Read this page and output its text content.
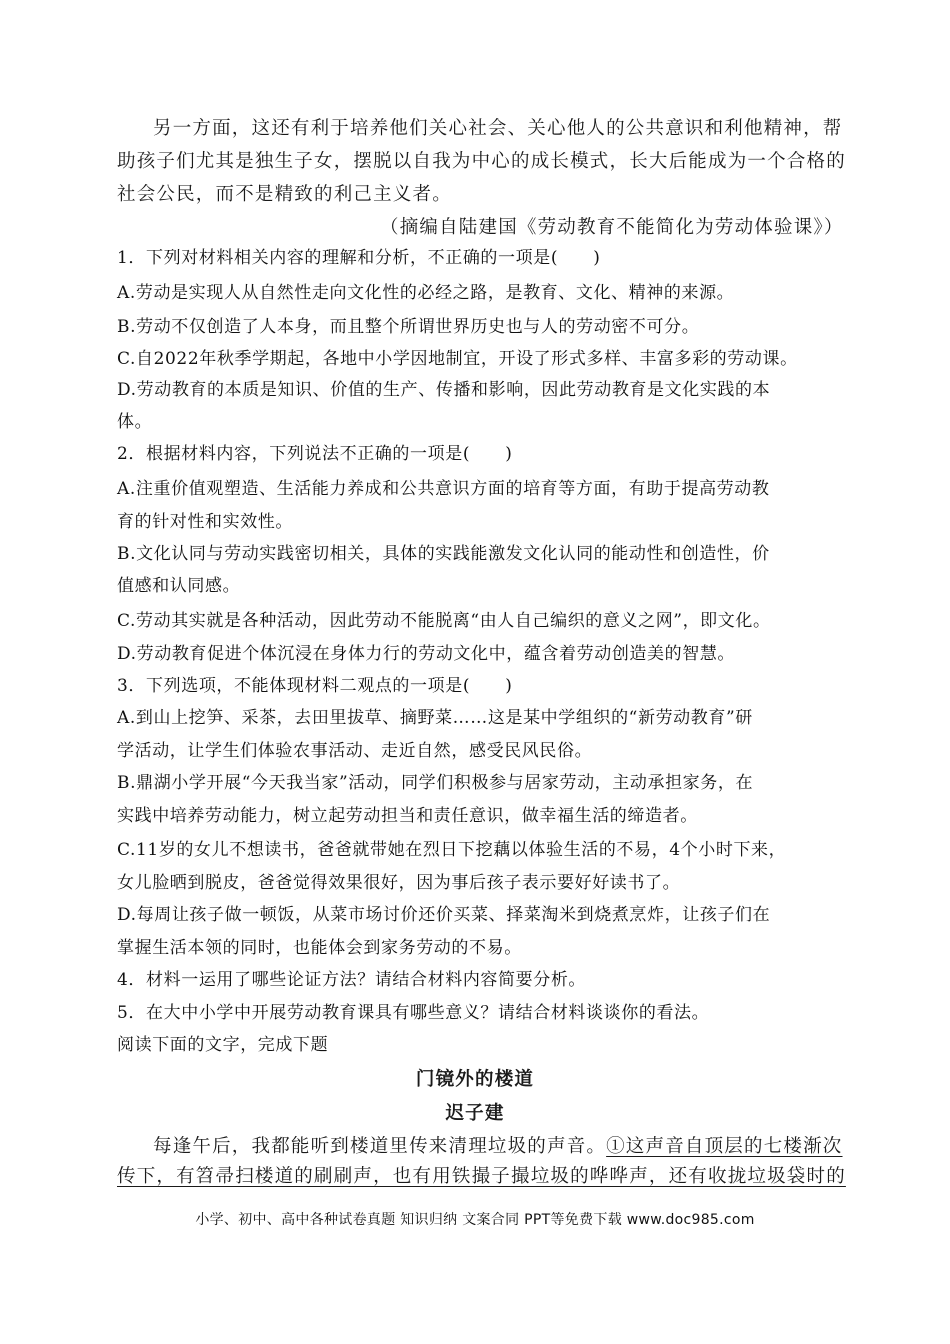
另一方面，这还有利于培养他们关心社会、关心他人的公共意识和利他精神，帮
助孩子们尤其是独生子女，摆脱以自我为中心的成长模式，长大后能成为一个合格的
社会公民，而不是精致的利己主义者。
（摘编自陆建国《劳动教育不能简化为劳动体验课》）
1．下列对材料相关内容的理解和分析，不正确的一项是(　　)
A.劳动是实现人从自然性走向文化性的必经之路，是教育、文化、精神的来源。
B.劳动不仅创造了人本身，而且整个所谓世界历史也与人的劳动密不可分。
C.自2022年秋季学期起，各地中小学因地制宜，开设了形式多样、丰富多彩的劳动课。
D.劳动教育的本质是知识、价值的生产、传播和影响，因此劳动教育是文化实践的本
体。
2．根据材料内容，下列说法不正确的一项是(　　)
A.注重价值观塑造、生活能力养成和公共意识方面的培育等方面，有助于提高劳动教
育的针对性和实效性。
B.文化认同与劳动实践密切相关，具体的实践能激发文化认同的能动性和创造性，价
值感和认同感。
C.劳动其实就是各种活动，因此劳动不能脱离“由人自己编织的意义之网”，即文化。
D.劳动教育促进个体沉浸在身体力行的劳动文化中，蕴含着劳动创造美的智慧。
3．下列选项，不能体现材料二观点的一项是(　　)
A.到山上挖笋、采茶，去田里拔草、摘野菜……这是某中学组织的“新劳动教育”研
学活动，让学生们体验农事活动、走近自然，感受民风民俗。
B.鼎湖小学开展“今天我当家”活动，同学们积极参与居家劳动，主动承担家务，在
实践中培养劳动能力，树立起劳动担当和责任意识，做幸福生活的缔造者。
C.11岁的女儿不想读书，爸爸就带她在烈日下挖藕以体验生活的不易，4个小时下来，
女儿脸晒到脱皮，爸爸觉得效果很好，因为事后孩子表示要好好读书了。
D.每周让孩子做一顿饭，从菜市场讨价还价买菜、择菜淘米到烧煮烹炸，让孩子们在
掌握生活本领的同时，也能体会到家务劳动的不易。
4．材料一运用了哪些论证方法？请结合材料内容简要分析。
5．在大中小学中开展劳动教育课具有哪些意义？请结合材料谈谈你的看法。
阅读下面的文字，完成下题
门镜外的楼道
迟子建
每逢午后，我都能听到楼道里传来清理垃圾的声音。①这声音自顶层的七楼渐次
传下，有笤帚扫楼道的刷刷声，也有用铁撮子撮垃圾的哗哗声，还有收拢垃圾袋时的
小学、初中、高中各种试卷真题 知识归纳 文案合同 PPT等免费下载 www.doc985.com
